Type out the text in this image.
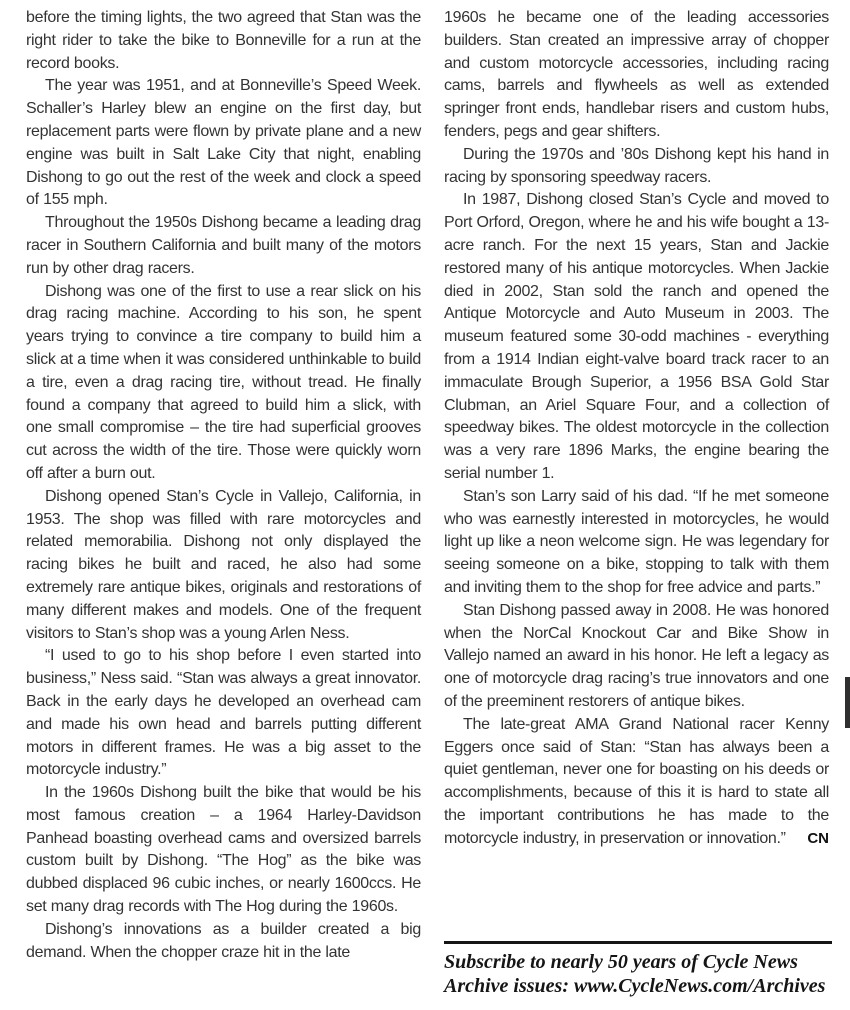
before the timing lights, the two agreed that Stan was the right rider to take the bike to Bonneville for a run at the record books.

The year was 1951, and at Bonneville’s Speed Week. Schaller’s Harley blew an engine on the first day, but replacement parts were flown by private plane and a new engine was built in Salt Lake City that night, enabling Dishong to go out the rest of the week and clock a speed of 155 mph.

Throughout the 1950s Dishong became a leading drag racer in Southern California and built many of the motors run by other drag racers.

Dishong was one of the first to use a rear slick on his drag racing machine. According to his son, he spent years trying to convince a tire company to build him a slick at a time when it was considered unthinkable to build a tire, even a drag racing tire, without tread. He finally found a company that agreed to build him a slick, with one small compromise – the tire had superficial grooves cut across the width of the tire. Those were quickly worn off after a burn out.

Dishong opened Stan’s Cycle in Vallejo, California, in 1953. The shop was filled with rare motorcycles and related memorabilia. Dishong not only displayed the racing bikes he built and raced, he also had some extremely rare antique bikes, originals and restorations of many different makes and models. One of the frequent visitors to Stan’s shop was a young Arlen Ness.

“I used to go to his shop before I even started into business,” Ness said. “Stan was always a great innovator. Back in the early days he developed an overhead cam and made his own head and barrels putting different motors in different frames. He was a big asset to the motorcycle industry.”

In the 1960s Dishong built the bike that would be his most famous creation – a 1964 Harley-Davidson Panhead boasting overhead cams and oversized barrels custom built by Dishong. “The Hog” as the bike was dubbed displaced 96 cubic inches, or nearly 1600ccs. He set many drag records with The Hog during the 1960s.

Dishong’s innovations as a builder created a big demand. When the chopper craze hit in the late

1960s he became one of the leading accessories builders. Stan created an impressive array of chopper and custom motorcycle accessories, including racing cams, barrels and flywheels as well as extended springer front ends, handlebar risers and custom hubs, fenders, pegs and gear shifters.

During the 1970s and ’80s Dishong kept his hand in racing by sponsoring speedway racers.

In 1987, Dishong closed Stan’s Cycle and moved to Port Orford, Oregon, where he and his wife bought a 13-acre ranch. For the next 15 years, Stan and Jackie restored many of his antique motorcycles. When Jackie died in 2002, Stan sold the ranch and opened the Antique Motorcycle and Auto Museum in 2003. The museum featured some 30-odd machines - everything from a 1914 Indian eight-valve board track racer to an immaculate Brough Superior, a 1956 BSA Gold Star Clubman, an Ariel Square Four, and a collection of speedway bikes. The oldest motorcycle in the collection was a very rare 1896 Marks, the engine bearing the serial number 1.

Stan’s son Larry said of his dad. “If he met someone who was earnestly interested in motorcycles, he would light up like a neon welcome sign. He was legendary for seeing someone on a bike, stopping to talk with them and inviting them to the shop for free advice and parts.”

Stan Dishong passed away in 2008. He was honored when the NorCal Knockout Car and Bike Show in Vallejo named an award in his honor. He left a legacy as one of motorcycle drag racing’s true innovators and one of the preeminent restorers of antique bikes.

The late-great AMA Grand National racer Kenny Eggers once said of Stan: “Stan has always been a quiet gentleman, never one for boasting on his deeds or accomplishments, because of this it is hard to state all the important contributions he has made to the motorcycle industry, in preservation or innovation.”	CN

Subscribe to nearly 50 years of Cycle News
Archive issues: www.CycleNews.com/Archives
